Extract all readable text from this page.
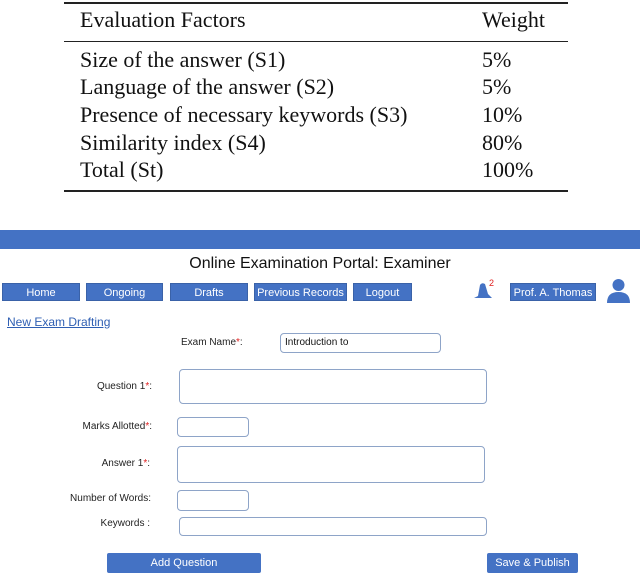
Evaluation Factors	Weight
Size of the answer (S1)	5%
Language of the answer (S2)	5%
Presence of necessary keywords (S3)	10%
Similarity index (S4)	80%
Total (St)	100%
Online Examination Portal: Examiner
Home	Ongoing	Drafts	Previous Records	Logout
2
Prof. A. Thomas
New Exam Drafting
Exam Name*:	Introduction to
Question 1*:
Marks Allotted*:
Answer 1*:
Number of Words:
Keywords :
Add Question	Save & Publish
